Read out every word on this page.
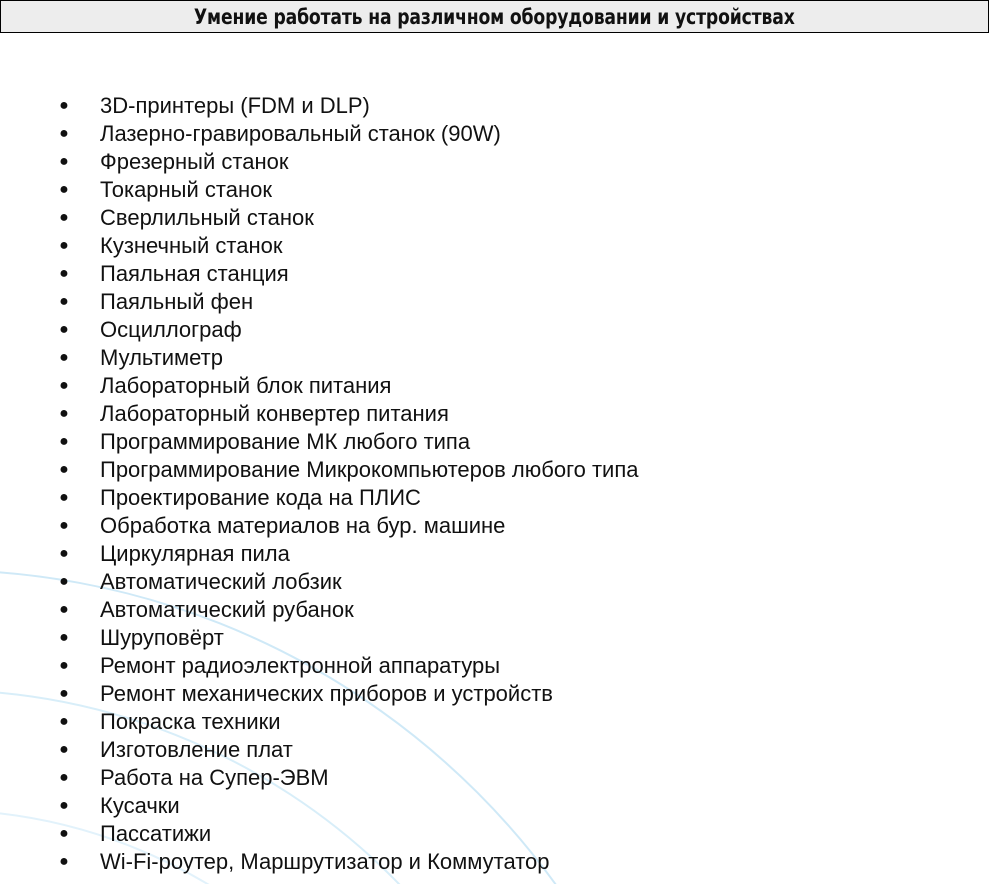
Умение работать на различном оборудовании и устройствах
● 3D-принтеры (FDM и DLP)
● Лазерно-гравировальный станок (90W)
● Фрезерный станок
● Токарный станок
● Сверлильный станок
● Кузнечный станок
● Паяльная станция
● Паяльный фен
● Осциллограф
● Мультиметр
● Лабораторный блок питания
● Лабораторный конвертер питания
● Программирование МК любого типа
● Программирование Микрокомпьютеров любого типа
● Проектирование кода на ПЛИС
● Обработка материалов на бур. машине
● Циркулярная пила
● Автоматический лобзик
● Автоматический рубанок
● Шуруповёрт
● Ремонт радиоэлектронной аппаратуры
● Ремонт механических приборов и устройств
● Покраска техники
● Изготовление плат
● Работа на Супер-ЭВМ
● Кусачки
● Пассатижи
● Wi-Fi-роутер, Маршрутизатор и Коммутатор
